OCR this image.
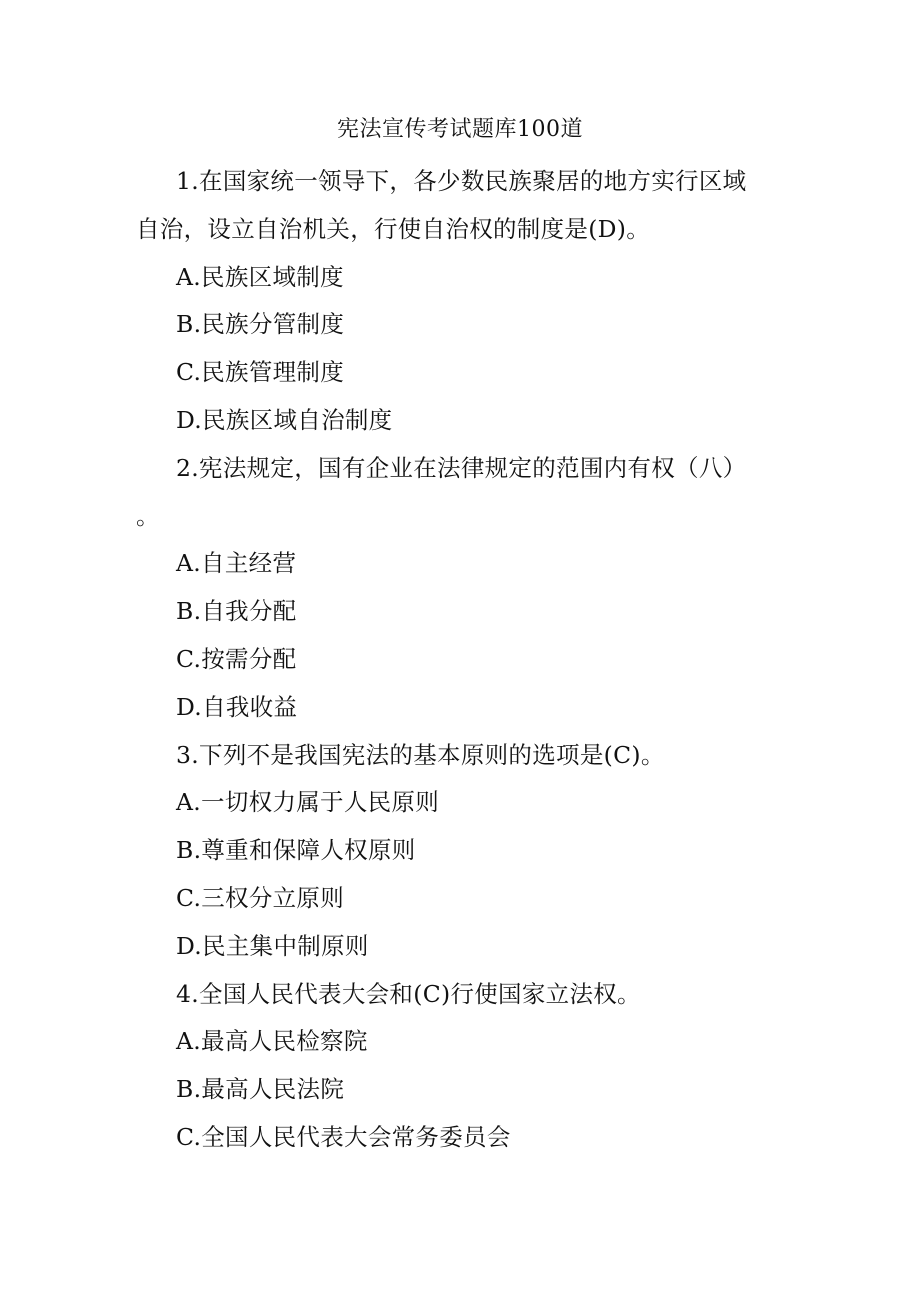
宪法宣传考试题库100道
1.在国家统一领导下，各少数民族聚居的地方实行区域
自治，设立自治机关，行使自治权的制度是(D)。
A.民族区域制度
B.民族分管制度
C.民族管理制度
D.民族区域自治制度
2.宪法规定，国有企业在法律规定的范围内有权（八）
。
A.自主经营
B.自我分配
C.按需分配
D.自我收益
3.下列不是我国宪法的基本原则的选项是(C)。
A.一切权力属于人民原则
B.尊重和保障人权原则
C.三权分立原则
D.民主集中制原则
4.全国人民代表大会和(C)行使国家立法权。
A.最高人民检察院
B.最高人民法院
C.全国人民代表大会常务委员会
